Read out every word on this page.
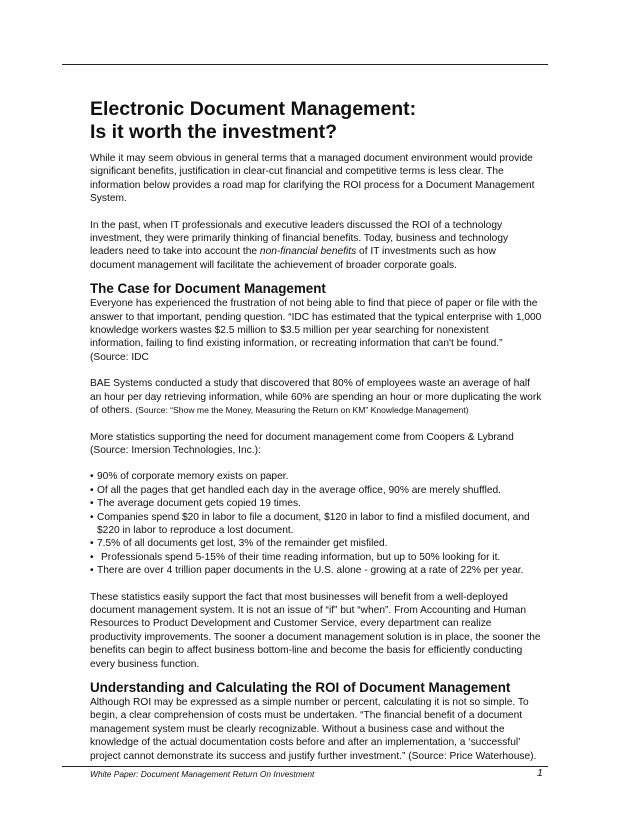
Electronic Document Management:
Is it worth the investment?

While it may seem obvious in general terms that a managed document environment would provide significant benefits, justification in clear-cut financial and competitive terms is less clear. The information below provides a road map for clarifying the ROI process for a Document Management System.

In the past, when IT professionals and executive leaders discussed the ROI of a technology investment, they were primarily thinking of financial benefits. Today, business and technology leaders need to take into account the non-financial benefits of IT investments such as how document management will facilitate the achievement of broader corporate goals.

The Case for Document Management

Everyone has experienced the frustration of not being able to find that piece of paper or file with the answer to that important, pending question. “IDC has estimated that the typical enterprise with 1,000 knowledge workers wastes $2.5 million to $3.5 million per year searching for nonexistent information, failing to find existing information, or recreating information that can't be found.” (Source: IDC

BAE Systems conducted a study that discovered that 80% of employees waste an average of half an hour per day retrieving information, while 60% are spending an hour or more duplicating the work of others. (Source: “Show me the Money, Measuring the Return on KM” Knowledge Management)

More statistics supporting the need for document management come from Coopers & Lybrand (Source: Imersion Technologies, Inc.):

• 90% of corporate memory exists on paper.
• Of all the pages that get handled each day in the average office, 90% are merely shuffled.
• The average document gets copied 19 times.
• Companies spend $20 in labor to file a document, $120 in labor to find a misfiled document, and $220 in labor to reproduce a lost document.
• 7.5% of all documents get lost, 3% of the remainder get misfiled.
• Professionals spend 5-15% of their time reading information, but up to 50% looking for it.
• There are over 4 trillion paper documents in the U.S. alone - growing at a rate of 22% per year.

These statistics easily support the fact that most businesses will benefit from a well-deployed document management system. It is not an issue of “if” but “when”. From Accounting and Human Resources to Product Development and Customer Service, every department can realize productivity improvements. The sooner a document management solution is in place, the sooner the benefits can begin to affect business bottom-line and become the basis for efficiently conducting every business function.

Understanding and Calculating the ROI of Document Management

Although ROI may be expressed as a simple number or percent, calculating it is not so simple. To begin, a clear comprehension of costs must be undertaken. “The financial benefit of a document management system must be clearly recognizable. Without a business case and without the knowledge of the actual documentation costs before and after an implementation, a ‘successful’ project cannot demonstrate its success and justify further investment.” (Source: Price Waterhouse).

White Paper: Document Management Return On Investment	1
